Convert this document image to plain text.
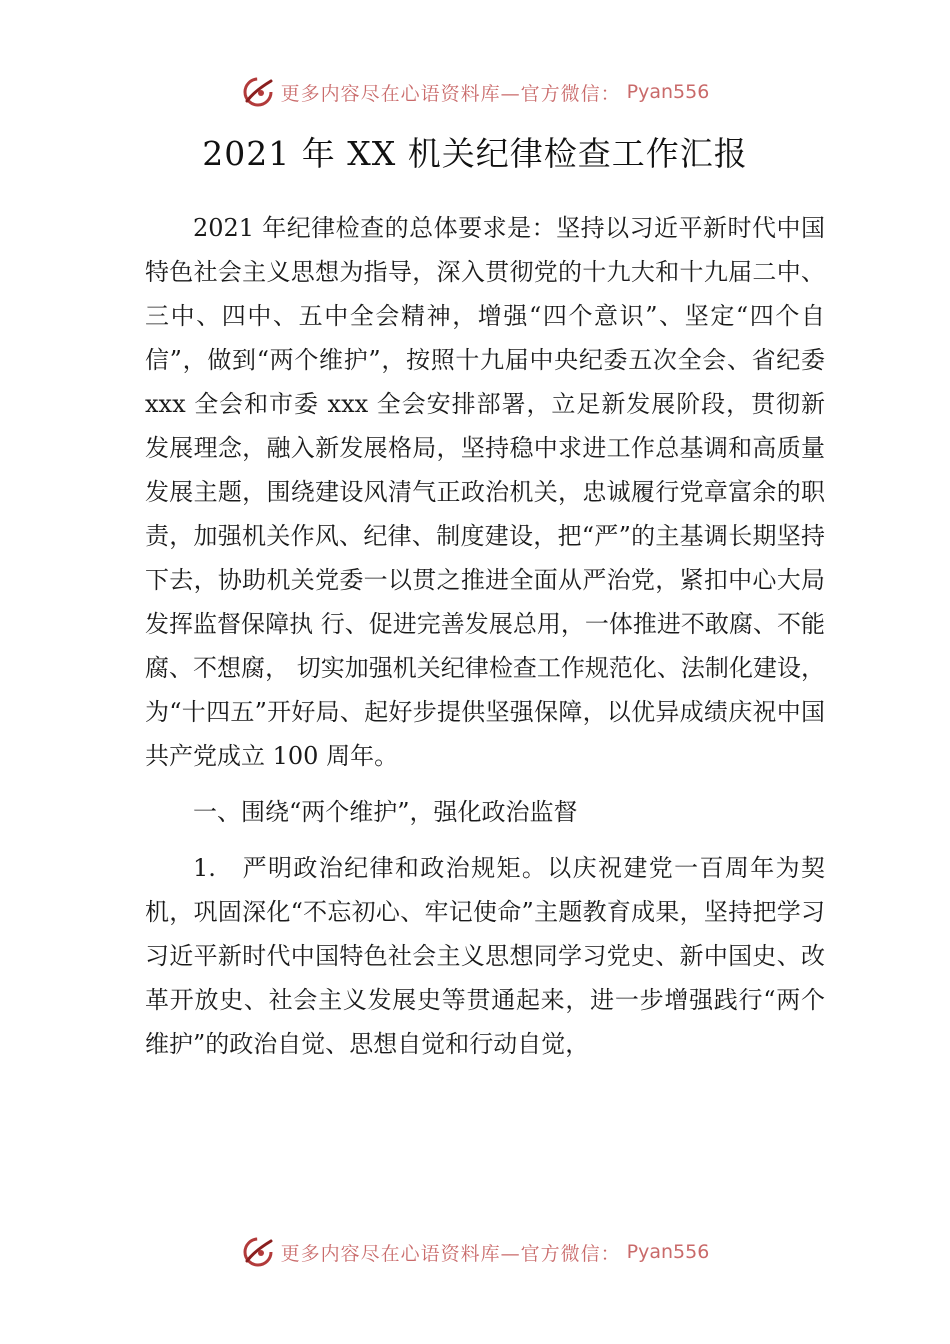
更多内容尽在心语资料库—官方微信： Pyan556
2021 年 XX 机关纪律检查工作汇报

2021 年纪律检查的总体要求是：坚持以习近平新时代中国特色社会主义思想为指导，深入贯彻党的十九大和十九届二中、三中、四中、五中全会精神，增强“四个意识”、坚定“四个自信”，做到“两个维护”，按照十九届中央纪委五次全会、省纪委 xxx 全会和市委 xxx 全会安排部署，立足新发展阶段，贯彻新发展理念，融入新发展格局，坚持稳中求进工作总基调和高质量发展主题，围绕建设风清气正政治机关，忠诚履行党章富余的职责，加强机关作风、纪律、制度建设，把“严”的主基调长期坚持下去，协助机关党委一以贯之推进全面从严治党，紧扣中心大局发挥监督保障执 行、促进完善发展总用，一体推进不敢腐、不能腐、不想腐， 切实加强机关纪律检查工作规范化、法制化建设，为“十四五”开好局、起好步提供坚强保障，以优异成绩庆祝中国共产党成立 100 周年。

一、围绕“两个维护”，强化政治监督

1.　严明政治纪律和政治规矩。以庆祝建党一百周年为契机，巩固深化“不忘初心、牢记使命”主题教育成果，坚持把学习习近平新时代中国特色社会主义思想同学习党史、新中国史、改革开放史、社会主义发展史等贯通起来，进一步增强践行“两个维护”的政治自觉、思想自觉和行动自觉，

更多内容尽在心语资料库—官方微信： Pyan556
